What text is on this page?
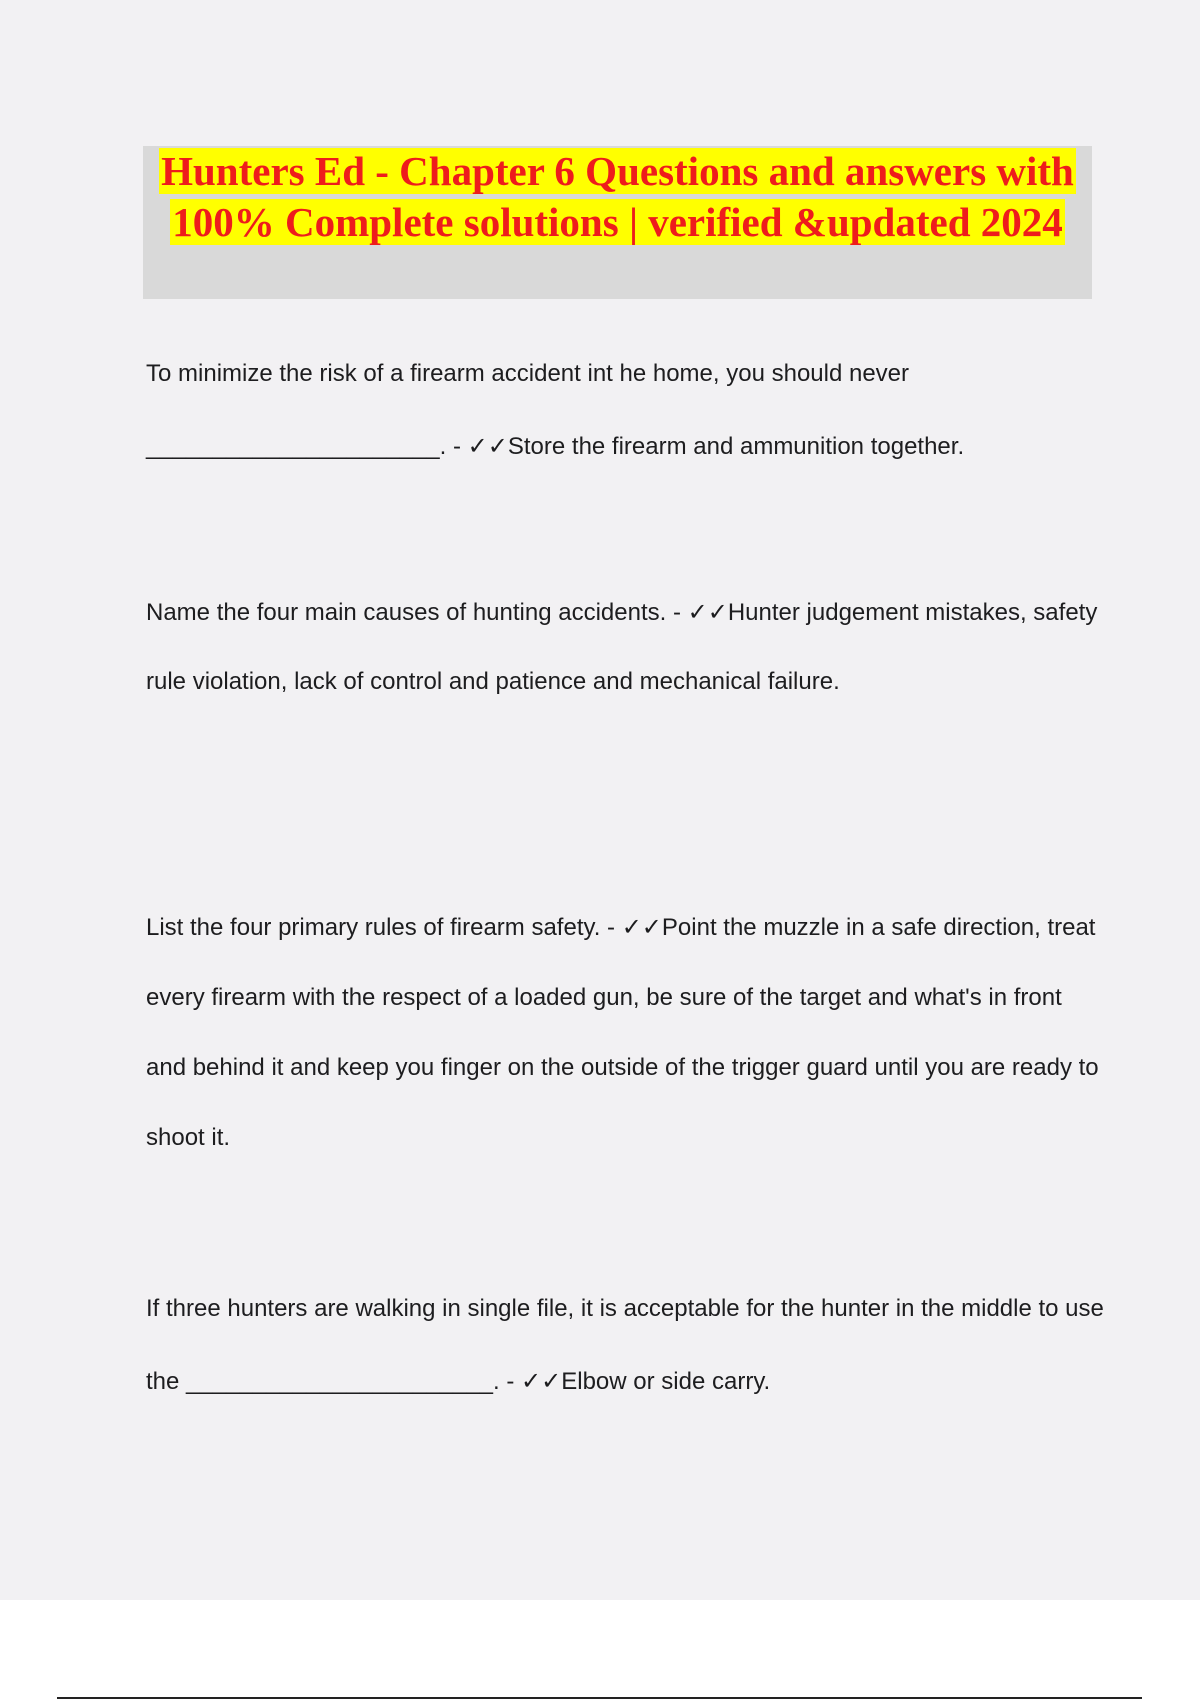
Hunters Ed - Chapter 6 Questions and answers with 100% Complete solutions | verified &updated 2024

To minimize the risk of a firearm accident int he home, you should never ______________________. - ✓✓Store the firearm and ammunition together.

Name the four main causes of hunting accidents. - ✓✓Hunter judgement mistakes, safety rule violation, lack of control and patience and mechanical failure.

List the four primary rules of firearm safety. - ✓✓Point the muzzle in a safe direction, treat every firearm with the respect of a loaded gun, be sure of the target and what's in front and behind it and keep you finger on the outside of the trigger guard until you are ready to shoot it.

If three hunters are walking in single file, it is acceptable for the hunter in the middle to use the _______________________. - ✓✓Elbow or side carry.
